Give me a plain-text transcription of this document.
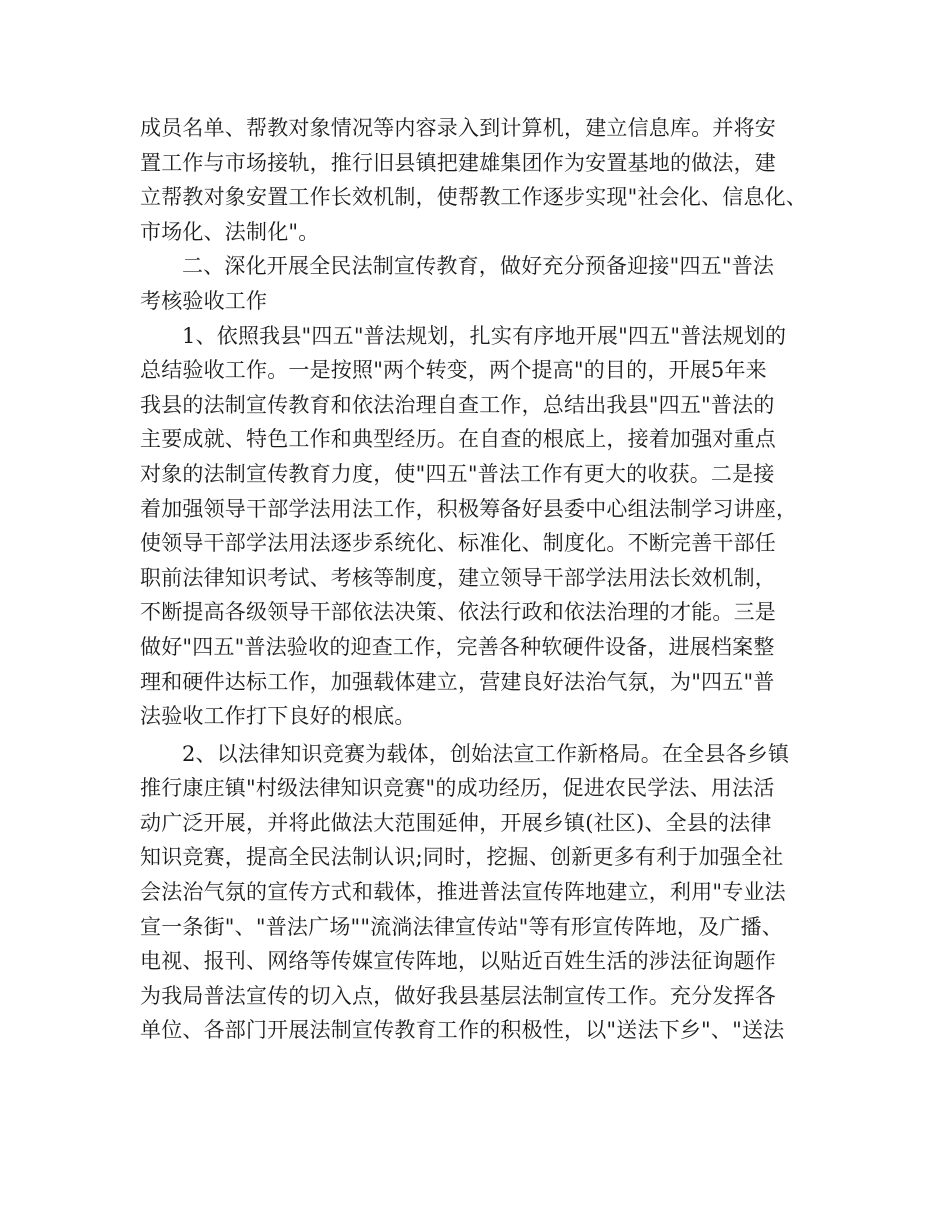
成员名单、帮教对象情况等内容录入到计算机，建立信息库。并将安
置工作与市场接轨，推行旧县镇把建雄集团作为安置基地的做法，建
立帮教对象安置工作长效机制，使帮教工作逐步实现"社会化、信息化、
市场化、法制化"。
二、深化开展全民法制宣传教育，做好充分预备迎接"四五"普法
考核验收工作
1、依照我县"四五"普法规划，扎实有序地开展"四五"普法规划的
总结验收工作。一是按照"两个转变，两个提高"的目的，开展5年来
我县的法制宣传教育和依法治理自查工作，总结出我县"四五"普法的
主要成就、特色工作和典型经历。在自查的根底上，接着加强对重点
对象的法制宣传教育力度，使"四五"普法工作有更大的收获。二是接
着加强领导干部学法用法工作，积极筹备好县委中心组法制学习讲座，
使领导干部学法用法逐步系统化、标准化、制度化。不断完善干部任
职前法律知识考试、考核等制度，建立领导干部学法用法长效机制，
不断提高各级领导干部依法决策、依法行政和依法治理的才能。三是
做好"四五"普法验收的迎查工作，完善各种软硬件设备，进展档案整
理和硬件达标工作，加强载体建立，营建良好法治气氛，为"四五"普
法验收工作打下良好的根底。
2、以法律知识竞赛为载体，创始法宣工作新格局。在全县各乡镇
推行康庄镇"村级法律知识竞赛"的成功经历，促进农民学法、用法活
动广泛开展，并将此做法大范围延伸，开展乡镇(社区)、全县的法律
知识竞赛，提高全民法制认识;同时，挖掘、创新更多有利于加强全社
会法治气氛的宣传方式和载体，推进普法宣传阵地建立，利用"专业法
宣一条街"、"普法广场""流淌法律宣传站"等有形宣传阵地，及广播、
电视、报刊、网络等传媒宣传阵地，以贴近百姓生活的涉法征询题作
为我局普法宣传的切入点，做好我县基层法制宣传工作。充分发挥各
单位、各部门开展法制宣传教育工作的积极性，以"送法下乡"、"送法
